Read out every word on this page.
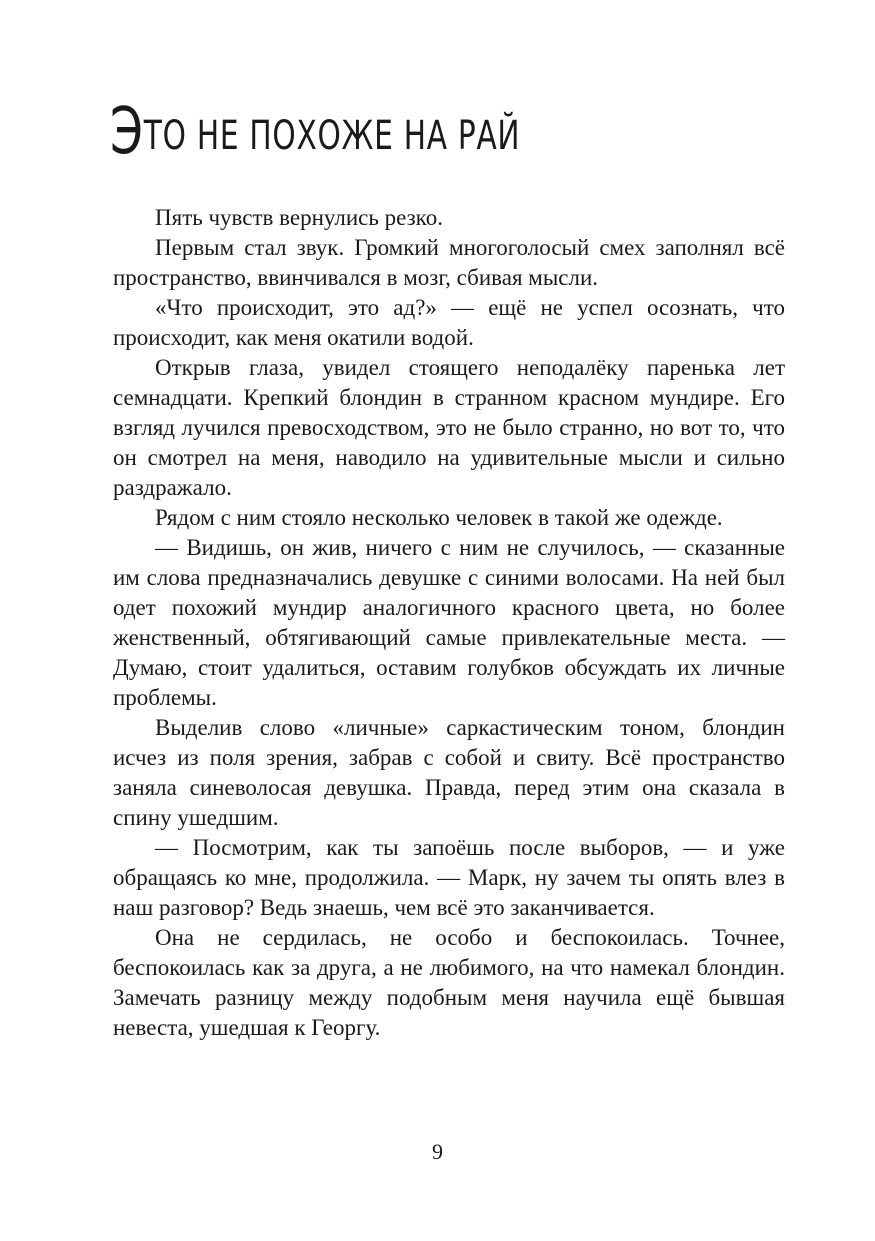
ЭТО НЕ ПОХОЖЕ НА РАЙ

Пять чувств вернулись резко.

Первым стал звук. Громкий многоголосый смех заполнял всё пространство, ввинчивался в мозг, сбивая мысли.

«Что происходит, это ад?» — ещё не успел осознать, что происходит, как меня окатили водой.

Открыв глаза, увидел стоящего неподалёку паренька лет семнадцати. Крепкий блондин в странном красном мундире. Его взгляд лучился превосходством, это не было странно, но вот то, что он смотрел на меня, наводило на удивительные мысли и сильно раздражало.

Рядом с ним стояло несколько человек в такой же одежде.

— Видишь, он жив, ничего с ним не случилось, — сказанные им слова предназначались девушке с синими волосами. На ней был одет похожий мундир аналогичного красного цвета, но более женственный, обтягивающий самые привлекательные места. — Думаю, стоит удалиться, оставим голубков обсуждать их личные проблемы.

Выделив слово «личные» саркастическим тоном, блондин исчез из поля зрения, забрав с собой и свиту. Всё пространство заняла синеволосая девушка. Правда, перед этим она сказала в спину ушедшим.

— Посмотрим, как ты запоёшь после выборов, — и уже обращаясь ко мне, продолжила. — Марк, ну зачем ты опять влез в наш разговор? Ведь знаешь, чем всё это заканчивается.

Она не сердилась, не особо и беспокоилась. Точнее, беспокоилась как за друга, а не любимого, на что намекал блондин. Замечать разницу между подобным меня научила ещё бывшая невеста, ушедшая к Георгу.

9
